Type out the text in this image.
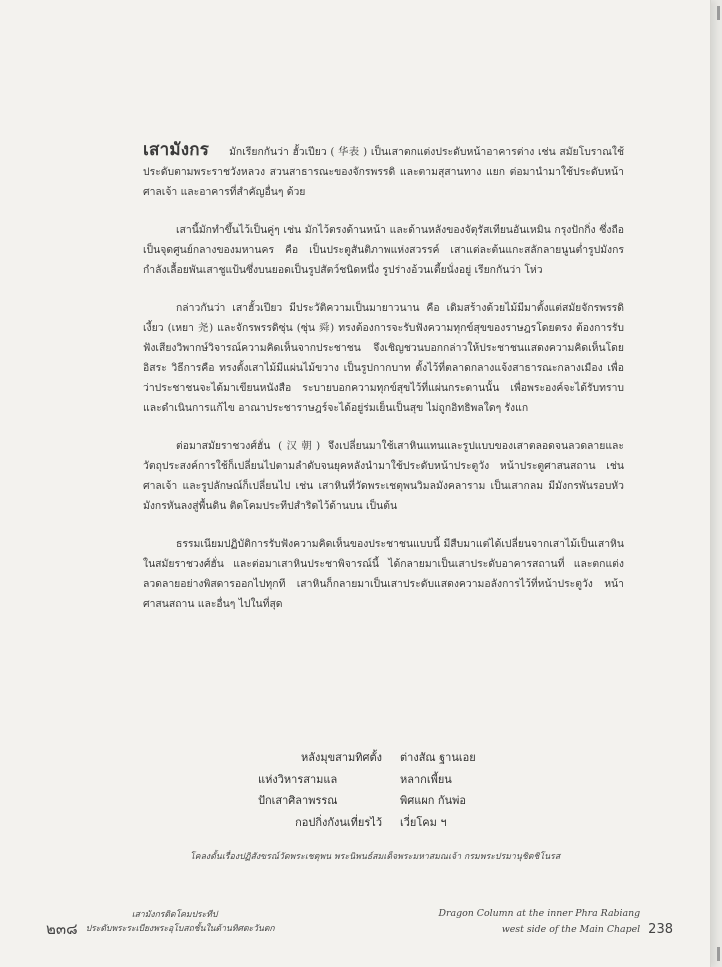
เสามังกร มักเรียกกันว่า ฮั้วเปียว ( 华表 ) เป็นเสาตกแต่งประดับหน้าอาคารต่าง เช่น สมัยโบราณใช้ประดับตามพระราชวังหลวง สวนสาธารณะของจักรพรรดิ และตามสุสานทาง แยก ต่อมานำมาใช้ประดับหน้าศาลเจ้า และอาคารที่สำคัญอื่นๆ ด้วย

เสานี้มักทำขึ้นไว้เป็นคู่ๆ เช่น มักไว้ตรงด้านหน้า และด้านหลังของจัตุรัสเทียนอันเหมิน กรุงปักกิ่ง ซึ่งถือเป็นจุดศูนย์กลางของมหานคร คือ เป็นประตูสันติภาพแห่งสวรรค์ เสาแต่ละต้นแกะสลักลายนูนต่ำรูปมังกรกำลังเลื้อยพันเสาชูแป้นซึ่งบนยอดเป็นรูปสัตว์ชนิดหนึ่ง รูปร่างอ้วนเตี้ยนั่งอยู่ เรียกกันว่า โห่ว

กล่าวกันว่า เสาฮั้วเปียว มีประวัติความเป็นมายาวนาน คือ เดิมสร้างด้วยไม้มีมาตั้งแต่สมัยจักรพรรดิเงี้ยว (เหยา 尧) และจักรพรรดิซุ่น (ซุ่น 舜) ทรงต้องการจะรับฟังความทุกข์สุขของราษฎรโดยตรง ต้องการรับฟังเสียงวิพากษ์วิจารณ์ความคิดเห็นจากประชาชน จึงเชิญชวนบอกกล่าวให้ประชาชนแสดงความคิดเห็นโดยอิสระ วิธีการคือ ทรงตั้งเสาไม้มีแผ่นไม้ขวาง เป็นรูปกากบาท ตั้งไว้ที่ตลาดกลางแจ้งสาธารณะกลางเมือง เพื่อว่าประชาชนจะได้มาเขียนหนังสือ ระบายบอกความทุกข์สุขไว้ที่แผ่นกระดานนั้น เพื่อพระองค์จะได้รับทราบ และดำเนินการแก้ไข อาณาประชาราษฎร์จะได้อยู่ร่มเย็นเป็นสุข ไม่ถูกอิทธิพลใดๆ รังแก

ต่อมาสมัยราชวงศ์ฮั่น (汉朝) จึงเปลี่ยนมาใช้เสาหินแทนและรูปแบบของเสาตลอดจนลวดลายและวัตถุประสงค์การใช้ก็เปลี่ยนไปตามลำดับจนยุคหลังนำมาใช้ประดับหน้าประตูวัง หน้าประตูศาสนสถาน เช่น ศาลเจ้า และรูปลักษณ์ก็เปลี่ยนไป เช่น เสาหินที่วัดพระเชตุพนวิมลมังคลาราม เป็นเสากลม มีมังกรพันรอบหัวมังกรหันลงสู่พื้นดิน ติดโคมประทีปสำริดไว้ด้านบน เป็นต้น

ธรรมเนียมปฏิบัติการรับฟังความคิดเห็นของประชาชนแบบนี้ มีสืบมาแต่ได้เปลี่ยนจากเสาไม้เป็นเสาหินในสมัยราชวงศ์ฮั่น และต่อมาเสาหินประชาพิจารณ์นี้ ได้กลายมาเป็นเสาประดับอาคารสถานที่ และตกแต่งลวดลายอย่างพิสดารออกไปทุกที เสาหินก็กลายมาเป็นเสาประดับแสดงความอลังการไว้ที่หน้าประตูวัง หน้าศาสนสถาน และอื่นๆ ไปในที่สุด

หลังมุขสามทิศตั้ง	ต่างสัณ ฐานเอย
แห่งวิหารสามแล	หลากเพี้ยน
ปักเสาศิลาพรรณ	พิศแผก กันพ่อ
กอปกิ่งกังนเที่ยรไว้	เวี่ยโคม ฯ
โคลงดั้นเรื่องปฏิสังขรณ์วัดพระเชตุพน พระนิพนธ์สมเด็จพระมหาสมณเจ้า กรมพระปรมานุชิตชิโนรส
๒๓๘
เสามังกรติดโคมประทีป
ประดับพระระเบียงพระอุโบสถชั้นในด้านทิศตะวันตก
Dragon Column at the inner Phra Rabiang
west side of the Main Chapel 238
